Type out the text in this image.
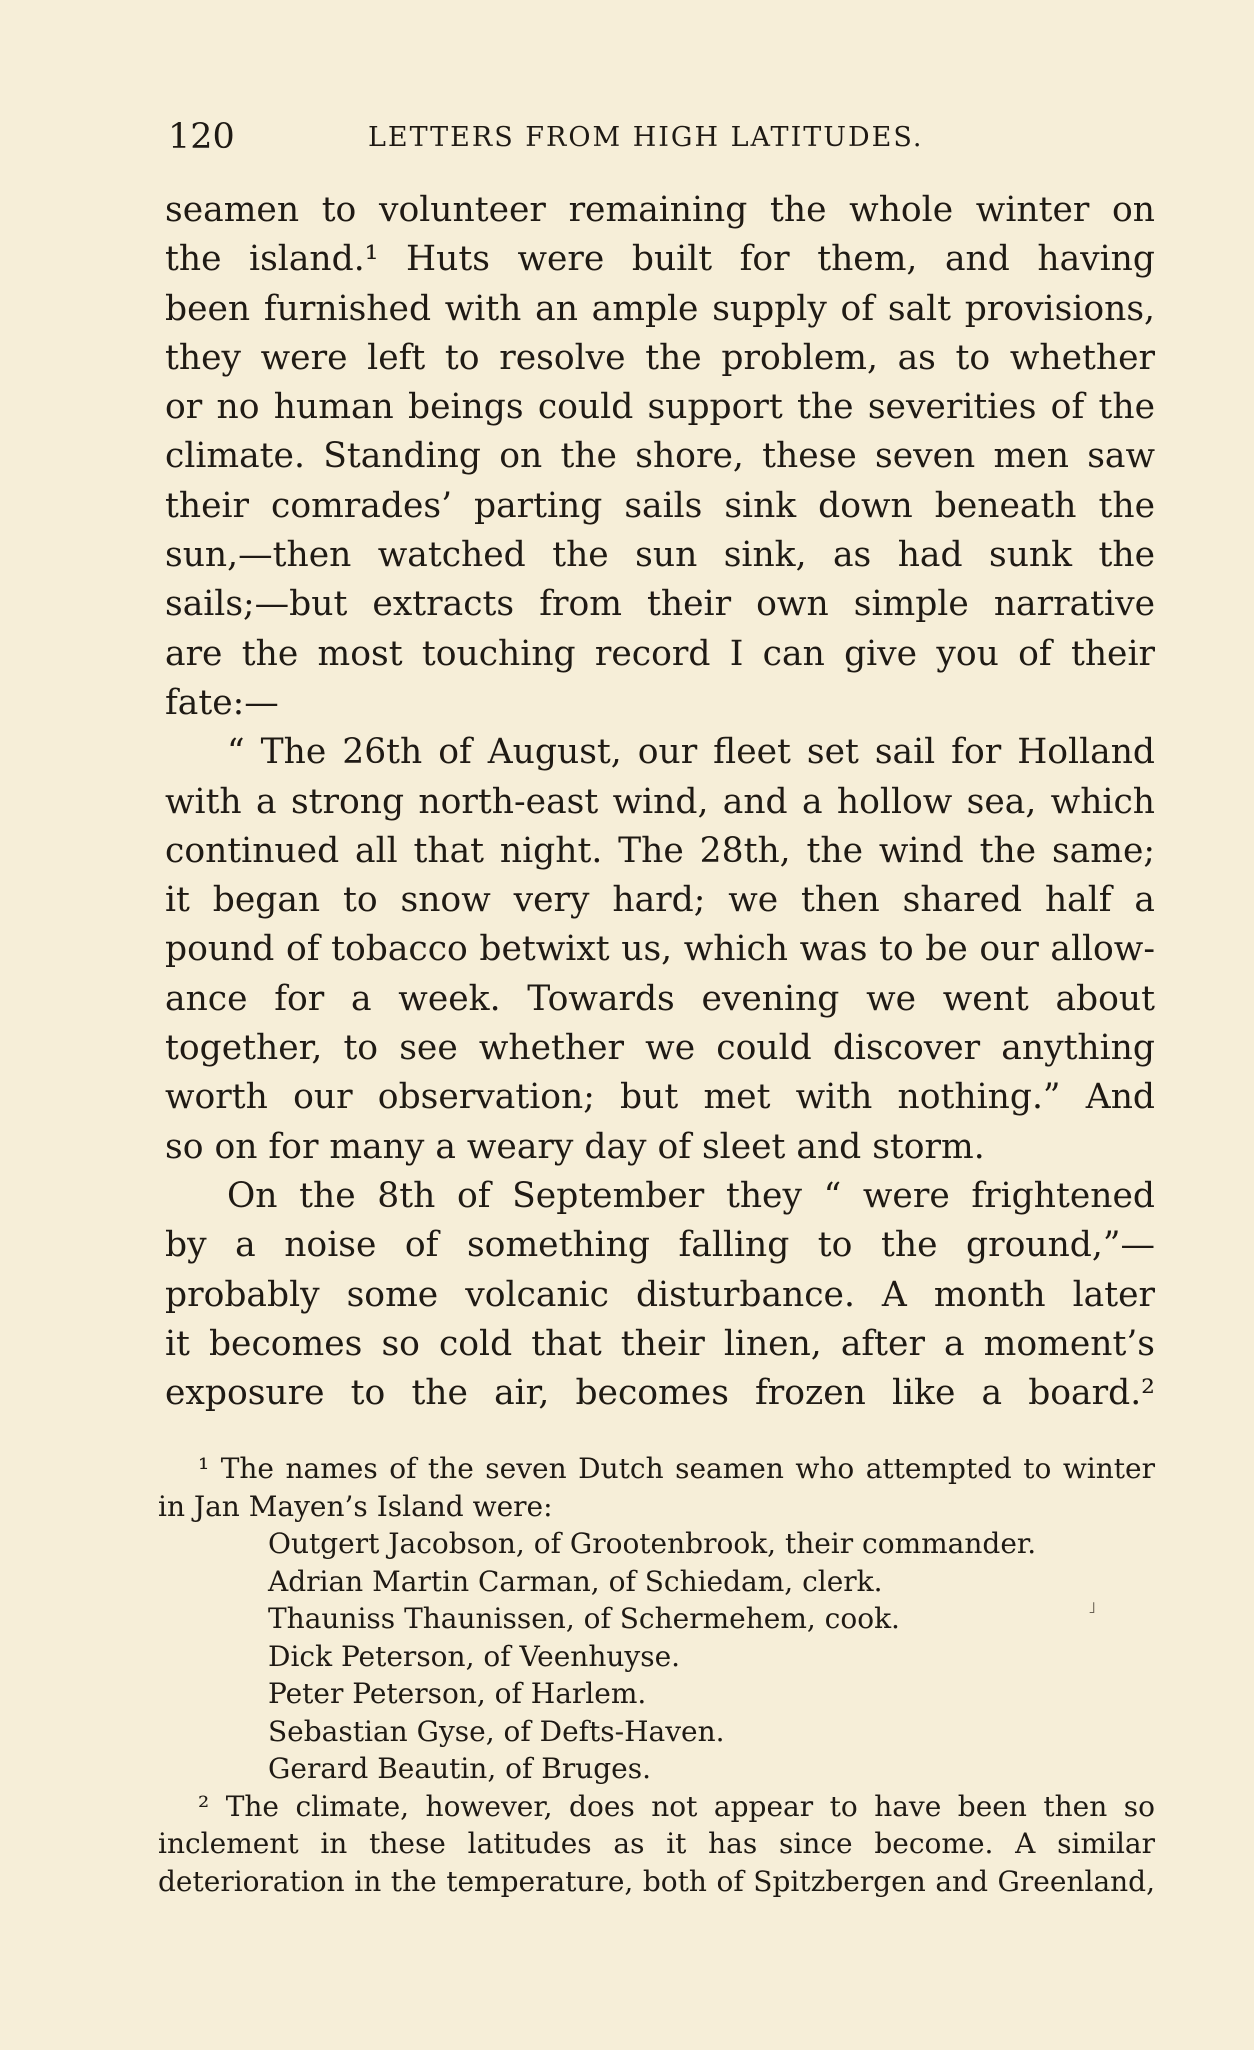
120	LETTERS FROM HIGH LATITUDES.
seamen to volunteer remaining the whole winter on
the island.¹ Huts were built for them, and having
been furnished with an ample supply of salt provisions,
they were left to resolve the problem, as to whether
or no human beings could support the severities of the
climate. Standing on the shore, these seven men saw
their comrades’ parting sails sink down beneath the
sun,—then watched the sun sink, as had sunk the
sails;—but extracts from their own simple narrative
are the most touching record I can give you of their
fate:—
“ The 26th of August, our fleet set sail for Holland
with a strong north-east wind, and a hollow sea, which
continued all that night. The 28th, the wind the same;
it began to snow very hard; we then shared half a
pound of tobacco betwixt us, which was to be our allow-
ance for a week. Towards evening we went about
together, to see whether we could discover anything
worth our observation; but met with nothing.” And
so on for many a weary day of sleet and storm.
On the 8th of September they “ were frightened
by a noise of something falling to the ground,”—
probably some volcanic disturbance. A month later
it becomes so cold that their linen, after a moment’s
exposure to the air, becomes frozen like a board.²
¹ The names of the seven Dutch seamen who attempted to winter
in Jan Mayen’s Island were:
Outgert Jacobson, of Grootenbrook, their commander.
Adrian Martin Carman, of Schiedam, clerk.
Thauniss Thaunissen, of Schermehem, cook.
Dick Peterson, of Veenhuyse.
Peter Peterson, of Harlem.
Sebastian Gyse, of Defts-Haven.
Gerard Beautin, of Bruges.
² The climate, however, does not appear to have been then so
inclement in these latitudes as it has since become. A similar
deterioration in the temperature, both of Spitzbergen and Greenland,
˩
